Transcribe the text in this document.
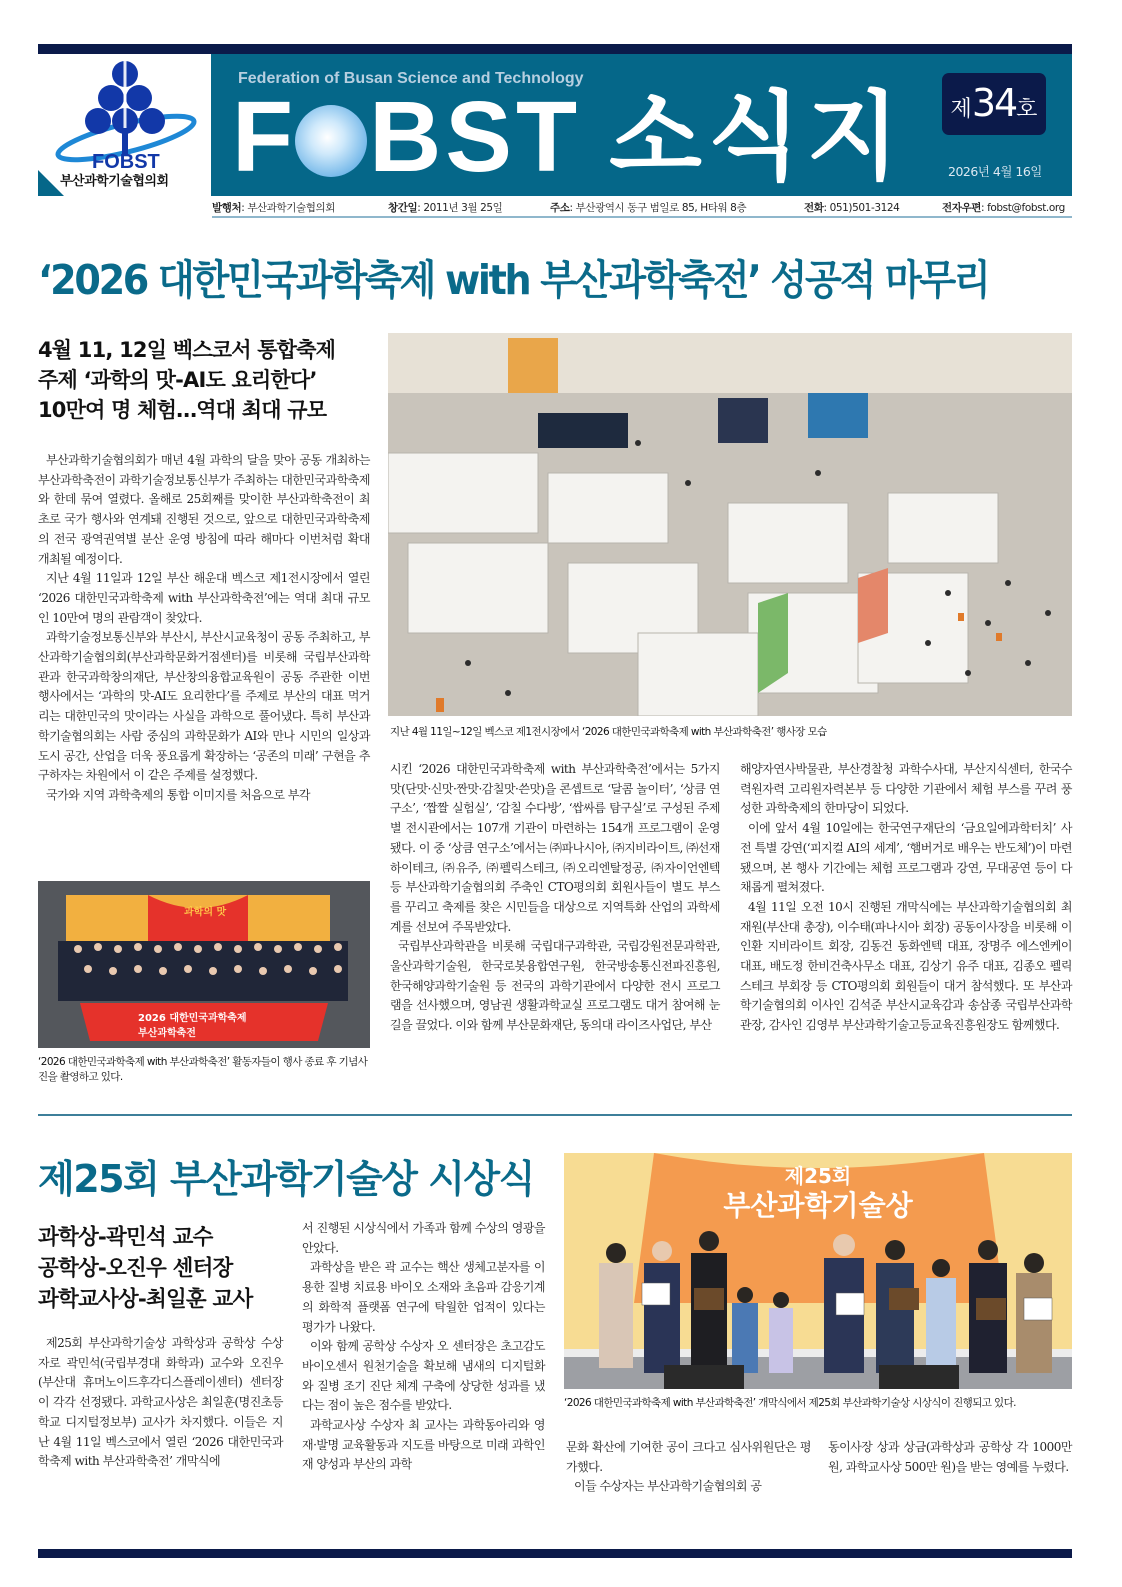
FOBST
부산과학기술협의회
Federation of Busan Science and Technology
F BST 소식지 제 34 호
2026년 4월 16일
발행처: 부산과학기술협의회	창간일: 2011년 3월 25일	주소: 부산광역시 동구 범일로 85, H타워 8층	전화: 051)501-3124	전자우편: fobst@fobst.org
‘2026 대한민국과학축제 with 부산과학축전’ 성공적 마무리
4월 11, 12일 벡스코서 통합축제
주제 ‘과학의 맛-AI도 요리한다’
10만여 명 체험…역대 최대 규모

부산과학기술협의회가 매년 4월 과학의 달을 맞아 공동 개최하는 부산과학축전이 과학기술정보통신부가 주최하는 대한민국과학축제와 한데 묶여 열렸다. 올해로 25회째를 맞이한 부산과학축전이 최초로 국가 행사와 연계돼 진행된 것으로, 앞으로 대한민국과학축제의 전국 광역권역별 분산 운영 방침에 따라 해마다 이번처럼 확대 개최될 예정이다.

지난 4월 11일과 12일 부산 해운대 벡스코 제1전시장에서 열린 ‘2026 대한민국과학축제 with 부산과학축전’에는 역대 최대 규모인 10만여 명의 관람객이 찾았다.

과학기술정보통신부와 부산시, 부산시교육청이 공동 주최하고, 부산과학기술협의회(부산과학문화거점센터)를 비롯해 국립부산과학관과 한국과학창의재단, 부산창의융합교육원이 공동 주관한 이번 행사에서는 ‘과학의 맛-AI도 요리한다’를 주제로 부산의 대표 먹거리는 대한민국의 맛이라는 사실을 과학으로 풀어냈다. 특히 부산과학기술협의회는 사람 중심의 과학문화가 AI와 만나 시민의 일상과 도시 공간, 산업을 더욱 풍요롭게 확장하는 ‘공존의 미래’ 구현을 추구하자는 차원에서 이 같은 주제를 설정했다.

국가와 지역 과학축제의 통합 이미지를 처음으로 부각

지난 4월 11일~12일 벡스코 제1전시장에서 ‘2026 대한민국과학축제 with 부산과학축전’ 행사장 모습

시킨 ‘2026 대한민국과학축제 with 부산과학축전’에서는 5가지 맛(단맛·신맛·짠맛·감칠맛·쓴맛)을 콘셉트로 ‘달콤 놀이터’, ‘상큼 연구소’, ‘짭짤 실험실’, ‘감칠 수다방’, ‘쌉싸름 탐구실’로 구성된 주제별 전시관에서는 107개 기관이 마련하는 154개 프로그램이 운영됐다. 이 중 ‘상큼 연구소’에서는 ㈜파나시아, ㈜지비라이트, ㈜선재하이테크, ㈜유주, ㈜펠릭스테크, ㈜오리엔탈정공, ㈜자이언엔텍 등 부산과학기술협의회 주축인 CTO평의회 회원사들이 별도 부스를 꾸리고 축제를 찾은 시민들을 대상으로 지역특화 산업의 과학세계를 선보여 주목받았다.

국립부산과학관을 비롯해 국립대구과학관, 국립강원전문과학관, 울산과학기술원, 한국로봇융합연구원, 한국방송통신전파진흥원, 한국해양과학기술원 등 전국의 과학기관에서 다양한 전시 프로그램을 선사했으며, 영남권 생활과학교실 프로그램도 대거 참여해 눈길을 끌었다. 이와 함께 부산문화재단, 동의대 라이즈사업단, 부산

해양자연사박물관, 부산경찰청 과학수사대, 부산지식센터, 한국수력원자력 고리원자력본부 등 다양한 기관에서 체험 부스를 꾸려 풍성한 과학축제의 한마당이 되었다.

이에 앞서 4월 10일에는 한국연구재단의 ‘금요일에과학터치’ 사전 특별 강연(‘피지컬 AI의 세계’, ‘햄버거로 배우는 반도체’)이 마련됐으며, 본 행사 기간에는 체험 프로그램과 강연, 무대공연 등이 다채롭게 펼쳐졌다.

4월 11일 오전 10시 진행된 개막식에는 부산과학기술협의회 최재원(부산대 총장), 이수태(파나시아 회장) 공동이사장을 비롯해 이인환 지비라이트 회장, 김동건 동화엔텍 대표, 장명주 에스엔케이 대표, 배도정 한비건축사무소 대표, 김상기 유주 대표, 김종오 펠릭스테크 부회장 등 CTO평의회 회원들이 대거 참석했다. 또 부산과학기술협의회 이사인 김석준 부산시교육감과 송삼종 국립부산과학관장, 감사인 김영부 부산과학기술고등교육진흥원장도 함께했다.

과학의 맛
2026 대한민국과학축제
부산과학축전
‘2026 대한민국과학축제 with 부산과학축전’ 활동자들이 행사 종료 후 기념사진을 촬영하고 있다.
제25회 부산과학기술상 시상식
과학상-곽민석 교수
공학상-오진우 센터장
과학교사상-최일훈 교사

제25회 부산과학기술상 과학상과 공학상 수상자로 곽민석(국립부경대 화학과) 교수와 오진우(부산대 휴머노이드후각디스플레이센터) 센터장이 각각 선정됐다. 과학교사상은 최일훈(명진초등학교 디지털정보부) 교사가 차지했다. 이들은 지난 4월 11일 벡스코에서 열린 ‘2026 대한민국과학축제 with 부산과학축전’ 개막식에

서 진행된 시상식에서 가족과 함께 수상의 영광을 안았다.

과학상을 받은 곽 교수는 핵산 생체고분자를 이용한 질병 치료용 바이오 소재와 초음파 감응기계의 화학적 플랫폼 연구에 탁월한 업적이 있다는 평가가 나왔다.

이와 함께 공학상 수상자 오 센터장은 초고감도 바이오센서 원천기술을 확보해 냄새의 디지털화와 질병 조기 진단 체계 구축에 상당한 성과를 냈다는 점이 높은 점수를 받았다.

과학교사상 수상자 최 교사는 과학동아리와 영재·발명 교육활동과 지도를 바탕으로 미래 과학인재 양성과 부산의 과학

제25회
부산과학기술상
‘2026 대한민국과학축제 with 부산과학축전’ 개막식에서 제25회 부산과학기술상 시상식이 진행되고 있다.

문화 확산에 기여한 공이 크다고 심사위원단은 평가했다.

이들 수상자는 부산과학기술협의회 공

동이사장 상과 상금(과학상과 공학상 각 1000만 원, 과학교사상 500만 원)을 받는 영예를 누렸다.
